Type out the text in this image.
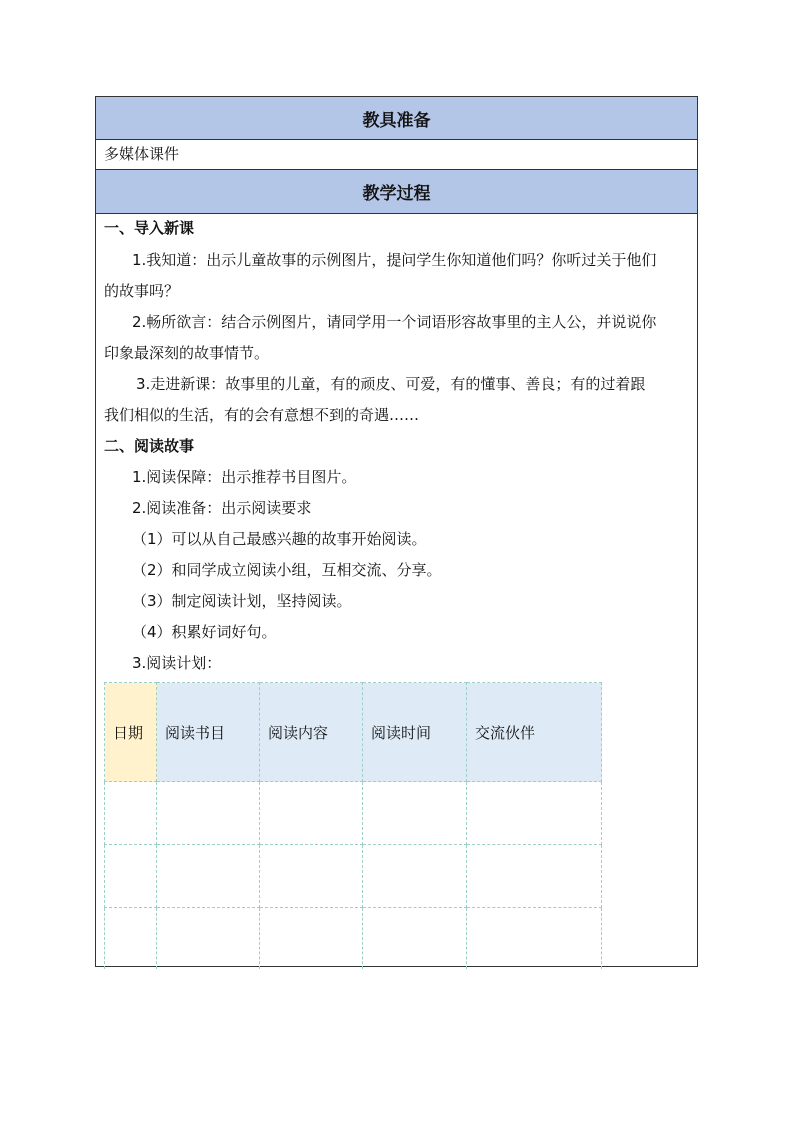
教具准备
多媒体课件
教学过程
一、导入新课
1.我知道：出示儿童故事的示例图片，提问学生你知道他们吗？你听过关于他们
的故事吗？
2.畅所欲言：结合示例图片，请同学用一个词语形容故事里的主人公，并说说你
印象最深刻的故事情节。
3.走进新课：故事里的儿童，有的顽皮、可爱，有的懂事、善良；有的过着跟
我们相似的生活，有的会有意想不到的奇遇……
二、阅读故事
1.阅读保障：出示推荐书目图片。
2.阅读准备：出示阅读要求
（1）可以从自己最感兴趣的故事开始阅读。
（2）和同学成立阅读小组，互相交流、分享。
（3）制定阅读计划，坚持阅读。
（4）积累好词好句。
3.阅读计划：
日期	阅读书目	阅读内容	阅读时间	交流伙伴
